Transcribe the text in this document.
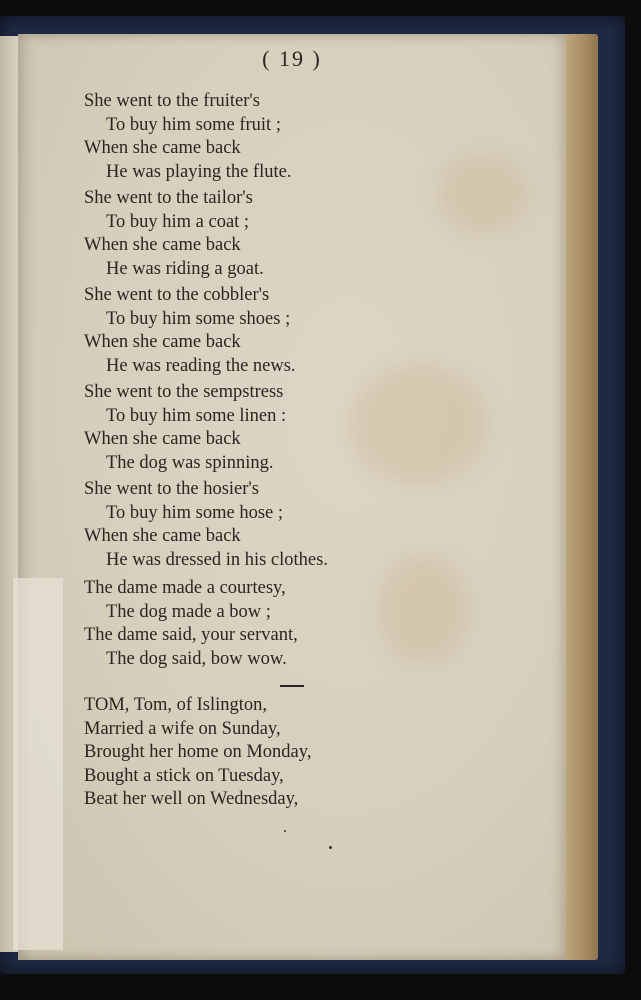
( 19 )

She went to the fruiter's
To buy him some fruit ;
When she came back
He was playing the flute.
She went to the tailor's
To buy him a coat ;
When she came back
He was riding a goat.
She went to the cobbler's
To buy him some shoes ;
When she came back
He was reading the news.
She went to the sempstress
To buy him some linen :
When she came back
The dog was spinning.
She went to the hosier's
To buy him some hose ;
When she came back
He was dressed in his clothes.
The dame made a courtesy,
The dog made a bow ;
The dame said, your servant,
The dog said, bow wow.
TOM, Tom, of Islington,
Married a wife on Sunday,
Brought her home on Monday,
Bought a stick on Tuesday,
Beat her well on Wednesday,
